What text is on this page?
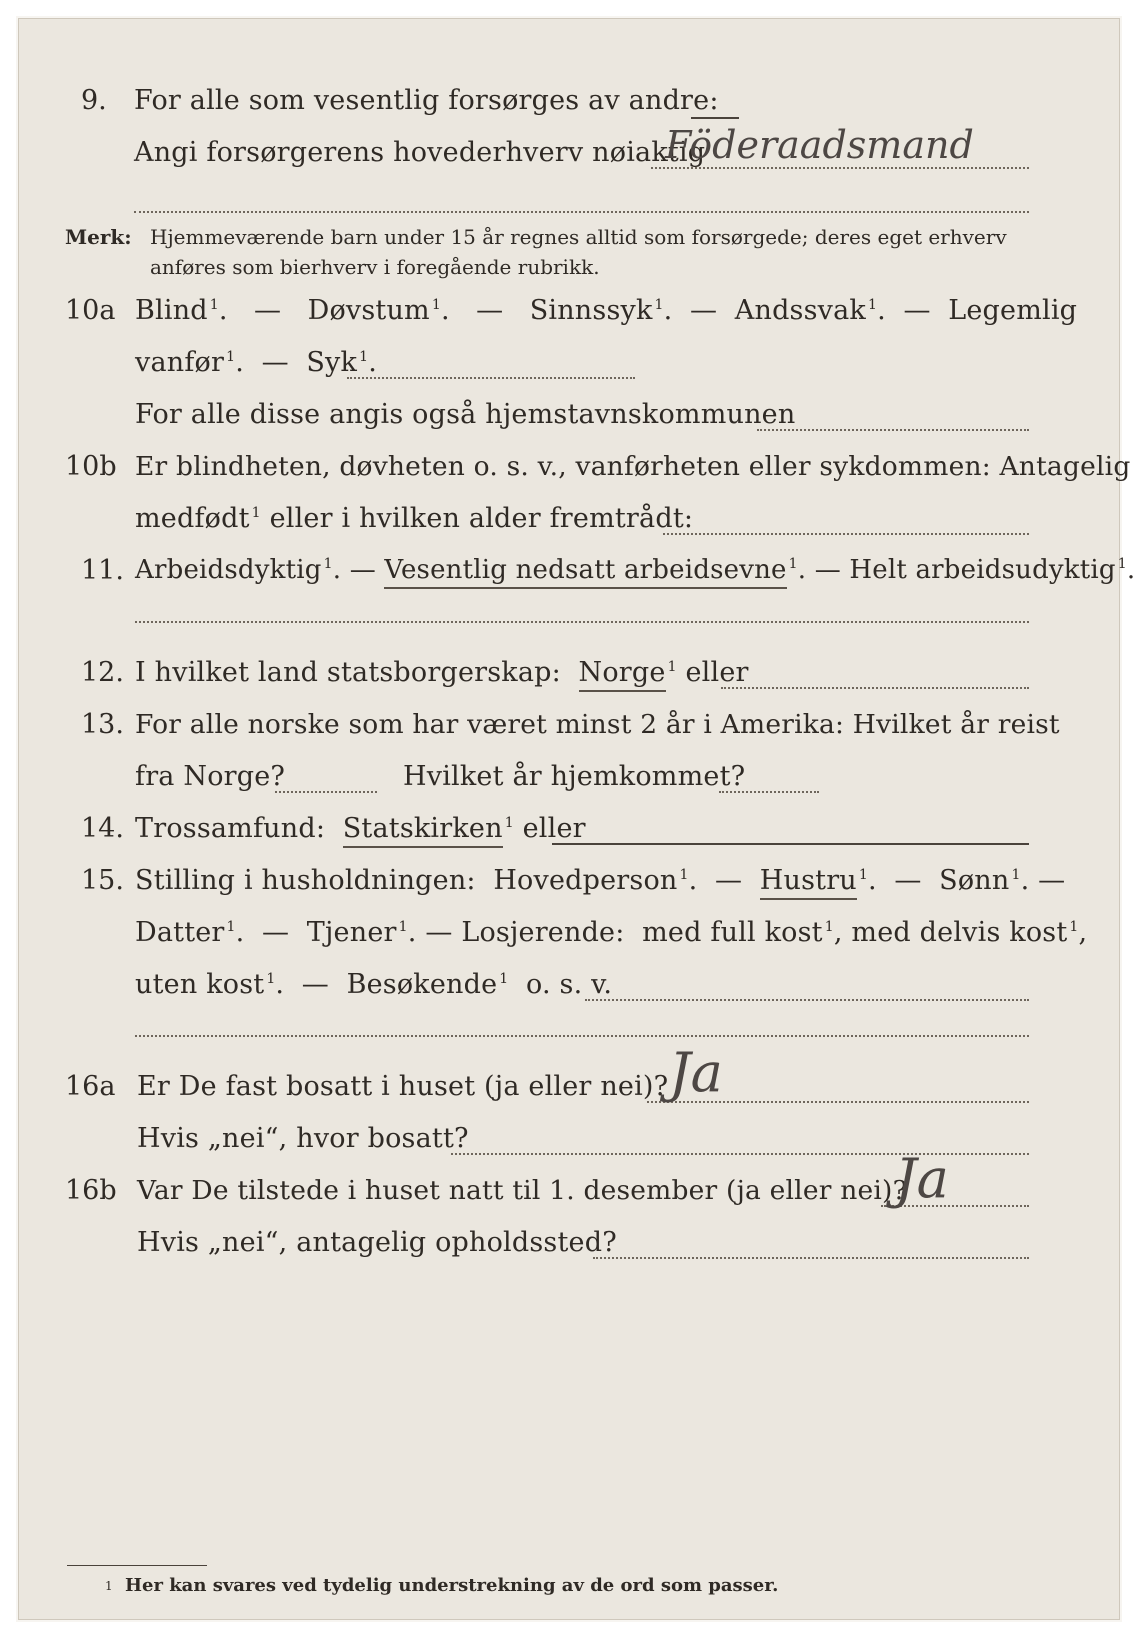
9. For alle som vesentlig forsørges av andre:
Angi forsørgerens hovederhverv nøiaktig
Föderaadsmand
Merk: Hjemmeværende barn under 15 år regnes alltid som forsørgede; deres eget erhverv
anføres som bierhverv i foregående rubrikk.
10a Blind $^1$.   — Døvstum $^1$.   — Sinnssyk $^1$.  — Andssvak $^1$.  — Legemlig
vanfør $^1$.  — Syk $^1$.
For alle disse angis også hjemstavnskommunen
10b Er blindheten, døvheten o. s. v., vanførheten eller sykdommen: Antagelig
medfødt $^1$ eller i hvilken alder fremtrådt:
11. Arbeidsdyktig $^1$. — Vesentlig nedsatt arbeidsevne $^1$. — Helt arbeidsudyktig $^1$.
12. I hvilket land statsborgerskap: Norge $^1$ eller
13. For alle norske som har været minst 2 år i Amerika: Hvilket år reist
fra Norge?	Hvilket år hjemkommet?
14. Trossamfund: Statskirken $^1$ eller
15. Stilling i husholdningen: Hovedperson $^1$.  — Hustru $^1$.  — Sønn $^1$. —
Datter $^1$.  — Tjener $^1$. — Losjerende: med full kost $^1$, med delvis kost $^1$,
uten kost $^1$.  — Besøkende $^1$ o. s. v.
16a Er De fast bosatt i huset (ja eller nei)? Ja
Hvis „nei“, hvor bosatt?
16b Var De tilstede i huset natt til 1. desember (ja eller nei)?
Ja
Hvis „nei“, antagelig opholdssted?
1 Her kan svares ved tydelig understrekning av de ord som passer.
